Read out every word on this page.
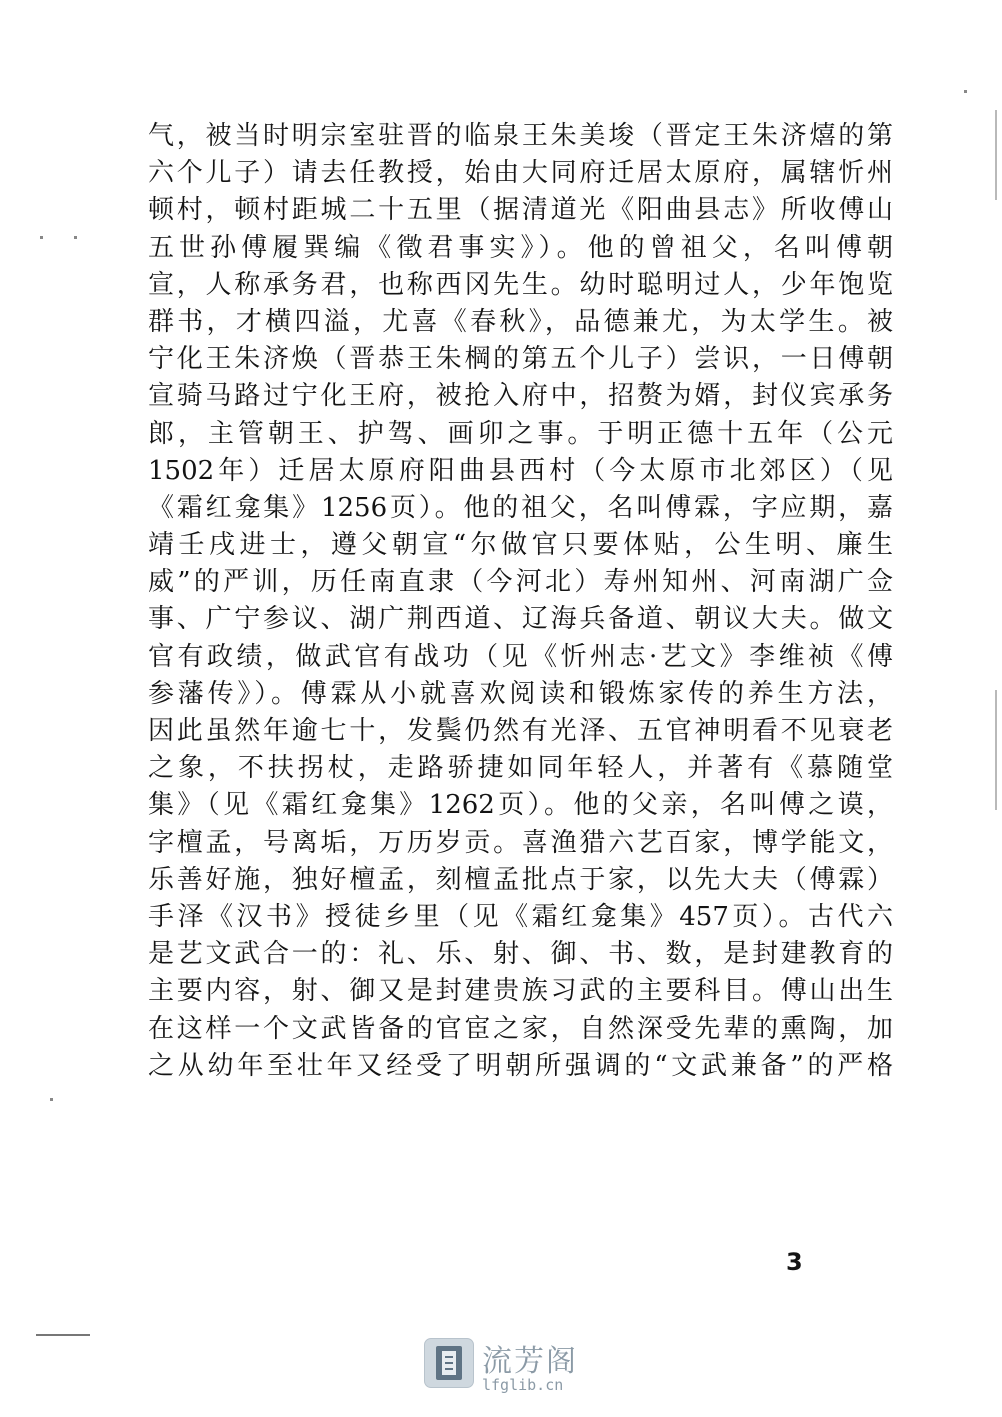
气，被当时明宗室驻晋的临泉王朱美埈（晋定王朱济熺的第
六个儿子）请去任教授，始由大同府迁居太原府，属辖忻州
顿村，顿村距城二十五里（据清道光《阳曲县志》所收傅山
五世孙傅履巽编《徵君事实》）。他的曾祖父，名叫傅朝
宣，人称承务君，也称西冈先生。幼时聪明过人，少年饱览
群书，才横四溢，尤喜《春秋》，品德兼尤，为太学生。被
宁化王朱济焕（晋恭王朱棡的第五个儿子）尝识，一日傅朝
宣骑马路过宁化王府，被抢入府中，招赘为婿，封仪宾承务
郎，主管朝王、护驾、画卯之事。于明正德十五年（公元
1502年）迁居太原府阳曲县西村（今太原市北郊区）（见
《霜红龛集》1256页）。他的祖父，名叫傅霖，字应期，嘉
靖壬戌进士，遵父朝宣“尔做官只要体贴，公生明、廉生
威”的严训，历任南直隶（今河北）寿州知州、河南湖广佥
事、广宁参议、湖广荆西道、辽海兵备道、朝议大夫。做文
官有政绩，做武官有战功（见《忻州志·艺文》李维祯《傅
参藩传》）。傅霖从小就喜欢阅读和锻炼家传的养生方法，
因此虽然年逾七十，发鬓仍然有光泽、五官神明看不见衰老
之象，不扶拐杖，走路骄捷如同年轻人，并著有《慕随堂
集》（见《霜红龛集》1262页）。他的父亲，名叫傅之谟，
字檀孟，号离垢，万历岁贡。喜渔猎六艺百家，博学能文，
乐善好施，独好檀孟，刻檀孟批点于家，以先大夫（傅霖）
手泽《汉书》授徒乡里（见《霜红龛集》457页）。古代六
是艺文武合一的：礼、乐、射、御、书、数，是封建教育的
主要内容，射、御又是封建贵族习武的主要科目。傅山出生
在这样一个文武皆备的官宦之家，自然深受先辈的熏陶，加
之从幼年至壮年又经受了明朝所强调的“文武兼备”的严格
3
流芳阁
lfglib.cn
